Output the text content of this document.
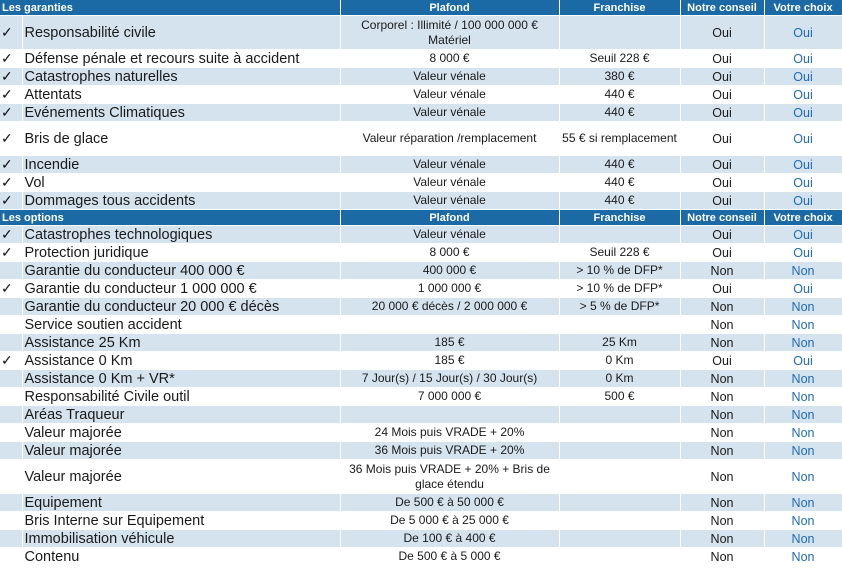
Les garanties		Plafond	Franchise	Notre conseil	Votre choix
✓	Responsabilité civile	Corporel : Illimité / 100 000 000 € Matériel		Oui	Oui
✓	Défense pénale et recours suite à accident	8 000 €	Seuil 228 €	Oui	Oui
✓	Catastrophes naturelles	Valeur vénale	380 €	Oui	Oui
✓	Attentats	Valeur vénale	440 €	Oui	Oui
✓	Evénements Climatiques	Valeur vénale	440 €	Oui	Oui
✓	Bris de glace	Valeur réparation /remplacement	55 € si remplacement	Oui	Oui
✓	Incendie	Valeur vénale	440 €	Oui	Oui
✓	Vol	Valeur vénale	440 €	Oui	Oui
✓	Dommages tous accidents	Valeur vénale	440 €	Oui	Oui
Les options		Plafond	Franchise	Notre conseil	Votre choix
✓	Catastrophes technologiques	Valeur vénale		Oui	Oui
✓	Protection juridique	8 000 €	Seuil 228 €	Oui	Oui
	Garantie du conducteur 400 000 €	400 000 €	> 10 % de DFP*	Non	Non
✓	Garantie du conducteur 1 000 000 €	1 000 000 €	> 10 % de DFP*	Oui	Oui
	Garantie du conducteur 20 000 € décès	20 000 € décès / 2 000 000 €	> 5 % de DFP*	Non	Non
	Service soutien accident			Non	Non
	Assistance 25 Km	185 €	25 Km	Non	Non
✓	Assistance 0 Km	185 €	0 Km	Oui	Oui
	Assistance 0 Km + VR*	7 Jour(s) / 15 Jour(s) / 30 Jour(s)	0 Km	Non	Non
	Responsabilité Civile outil	7 000 000 €	500 €	Non	Non
	Aréas Traqueur			Non	Non
	Valeur majorée	24 Mois puis VRADE + 20%		Non	Non
	Valeur majorée	36 Mois puis VRADE + 20%		Non	Non
	Valeur majorée	36 Mois puis VRADE + 20% + Bris de glace étendu		Non	Non
	Equipement	De 500 € à 50 000 €		Non	Non
	Bris Interne sur Equipement	De 5 000 € à 25 000 €		Non	Non
	Immobilisation véhicule	De 100 € à 400 €		Non	Non
	Contenu	De 500 € à 5 000 €		Non	Non
